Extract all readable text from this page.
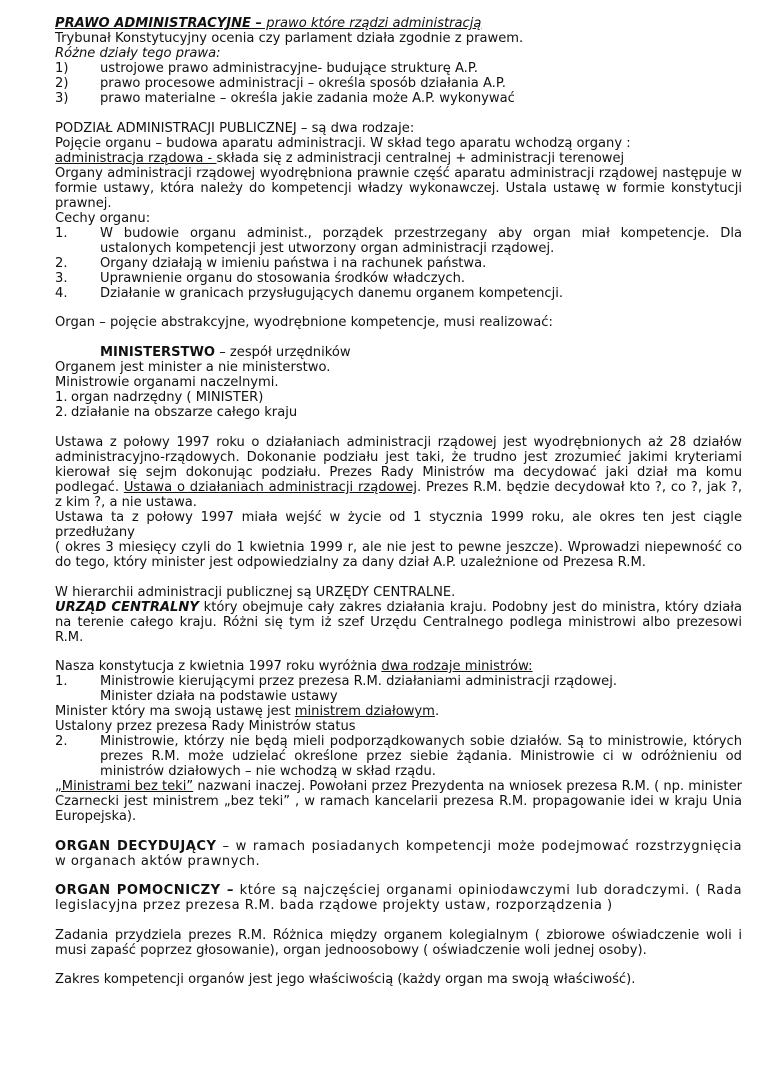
PRAWO ADMINISTRACYJNE – prawo które rządzi administracją

Trybunał Konstytucyjny ocenia czy parlament działa zgodnie z prawem.

Różne działy tego prawa:

1)	ustrojowe prawo administracyjne- budujące strukturę A.P.
2)	prawo procesowe administracji – określa sposób działania A.P.
3)	prawo materialne – określa jakie zadania może A.P. wykonywać

PODZIAŁ ADMINISTRACJI PUBLICZNEJ – są dwa rodzaje:

Pojęcie organu – budowa aparatu administracji. W skład tego aparatu wchodzą organy :

administracja rządowa - składa się z administracji centralnej + administracji terenowej

Organy administracji rządowej wyodrębniona prawnie część aparatu administracji rządowej następuje w formie ustawy, która należy do kompetencji władzy wykonawczej. Ustala ustawę w formie konstytucji prawnej.

Cechy organu:

1.	W budowie organu administ., porządek przestrzegany aby organ miał kompetencje. Dla ustalonych kompetencji jest utworzony organ administracji rządowej.
2.	Organy działają w imieniu państwa i na rachunek państwa.
3.	Uprawnienie organu do stosowania środków władczych.
4.	Działanie w granicach przysługujących danemu organem kompetencji.

Organ – pojęcie abstrakcyjne, wyodrębnione kompetencje, musi realizować:

MINISTERSTWO – zespół urzędników

Organem jest minister a nie ministerstwo.

Ministrowie organami naczelnymi.

1. organ nadrzędny ( MINISTER)
2. działanie na obszarze całego kraju

Ustawa z połowy 1997 roku o działaniach administracji rządowej jest wyodrębnionych aż 28 działów administracyjno-rządowych. Dokonanie podziału jest taki, że trudno jest zrozumieć jakimi kryteriami kierował się sejm dokonując podziału. Prezes Rady Ministrów ma decydować jaki dział ma komu podlegać. Ustawa o działaniach administracji rządowej. Prezes R.M. będzie decydował kto ?, co ?, jak ?, z kim ?, a nie ustawa.

Ustawa ta z połowy 1997 miała wejść w życie od 1 stycznia 1999 roku, ale okres ten jest ciągle przedłużany

( okres 3 miesięcy czyli do 1 kwietnia 1999 r, ale nie jest to pewne jeszcze). Wprowadzi niepewność co do tego, który minister jest odpowiedzialny za dany dział A.P. uzależnione od Prezesa R.M.

W hierarchii administracji publicznej są URZĘDY CENTRALNE.

URZĄD CENTRALNY który obejmuje cały zakres działania kraju. Podobny jest do ministra, który działa na terenie całego kraju. Różni się tym iż szef Urzędu Centralnego podlega ministrowi albo prezesowi R.M.

Nasza konstytucja z kwietnia 1997 roku wyróżnia dwa rodzaje ministrów:

1.	Ministrowie kierującymi przez prezesa R.M. działaniami administracji rządowej.

Minister działa na podstawie ustawy

Minister który ma swoją ustawę jest ministrem działowym.

Ustalony przez prezesa Rady Ministrów status

2.	Ministrowie, którzy nie będą mieli podporządkowanych sobie działów. Są to ministrowie, których prezes R.M. może udzielać określone przez siebie żądania. Ministrowie ci w odróżnieniu od ministrów działowych – nie wchodzą w skład rządu.

„Ministrami bez teki” nazwani inaczej. Powołani przez Prezydenta na wniosek prezesa R.M. ( np. minister Czarnecki jest ministrem „bez teki” , w ramach kancelarii prezesa R.M. propagowanie idei w kraju Unia Europejska).

ORGAN DECYDUJĄCY – w ramach posiadanych kompetencji może podejmować rozstrzygnięcia w organach aktów prawnych.

ORGAN POMOCNICZY – które są najczęściej organami opiniodawczymi lub doradczymi. ( Rada legislacyjna przez prezesa R.M. bada rządowe projekty ustaw, rozporządzenia )

Zadania przydziela prezes R.M. Różnica między organem kolegialnym ( zbiorowe oświadczenie woli i musi zapaść poprzez głosowanie), organ jednoosobowy ( oświadczenie woli jednej osoby).

Zakres kompetencji organów jest jego właściwością (każdy organ ma swoją właściwość).
